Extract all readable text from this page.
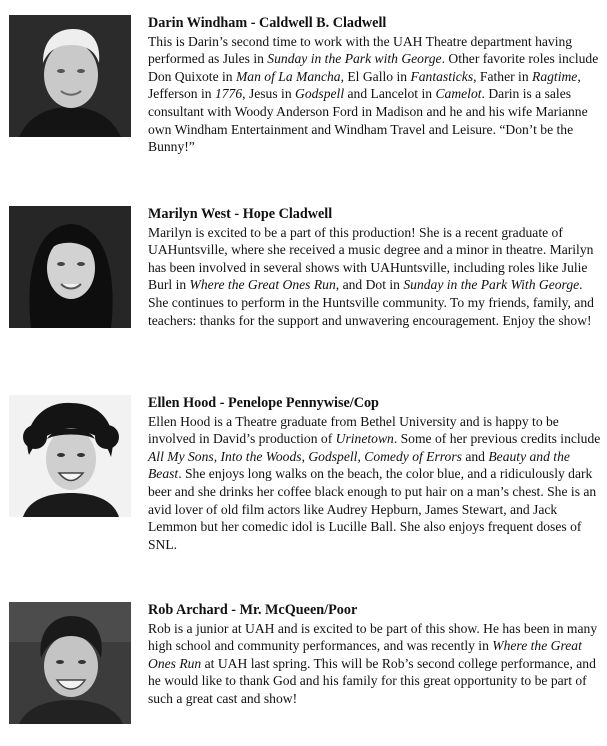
Darin Windham - Caldwell B. Cladwell

This is Darin’s second time to work with the UAH Theatre department having performed as Jules in Sunday in the Park with George. Other favorite roles include Don Quixote in Man of La Mancha, El Gallo in Fantasticks, Father in Ragtime, Jefferson in 1776, Jesus in Godspell and Lancelot in Camelot. Darin is a sales consultant with Woody Anderson Ford in Madison and he and his wife Marianne own Windham Entertainment and Windham Travel and Leisure. “Don’t be the Bunny!”

Marilyn West - Hope Cladwell

Marilyn is excited to be a part of this production! She is a recent graduate of UAHuntsville, where she received a music degree and a minor in theatre. Marilyn has been involved in several shows with UAHuntsville, including roles like Julie Burl in Where the Great Ones Run, and Dot in Sunday in the Park With George. She continues to perform in the Huntsville community. To my friends, family, and teachers: thanks for the support and unwavering encouragement. Enjoy the show!

Ellen Hood - Penelope Pennywise/Cop

Ellen Hood is a Theatre graduate from Bethel University and is happy to be involved in David’s production of Urinetown. Some of her previous credits include All My Sons, Into the Woods, Godspell, Comedy of Errors and Beauty and the Beast. She enjoys long walks on the beach, the color blue, and a ridiculously dark beer and she drinks her coffee black enough to put hair on a man’s chest. She is an avid lover of old film actors like Audrey Hepburn, James Stewart, and Jack Lemmon but her comedic idol is Lucille Ball. She also enjoys frequent doses of SNL.

Rob Archard - Mr. McQueen/Poor

Rob is a junior at UAH and is excited to be part of this show. He has been in many high school and community performances, and was recently in Where the Great Ones Run at UAH last spring. This will be Rob’s second college performance, and he would like to thank God and his family for this great opportunity to be part of such a great cast and show!
